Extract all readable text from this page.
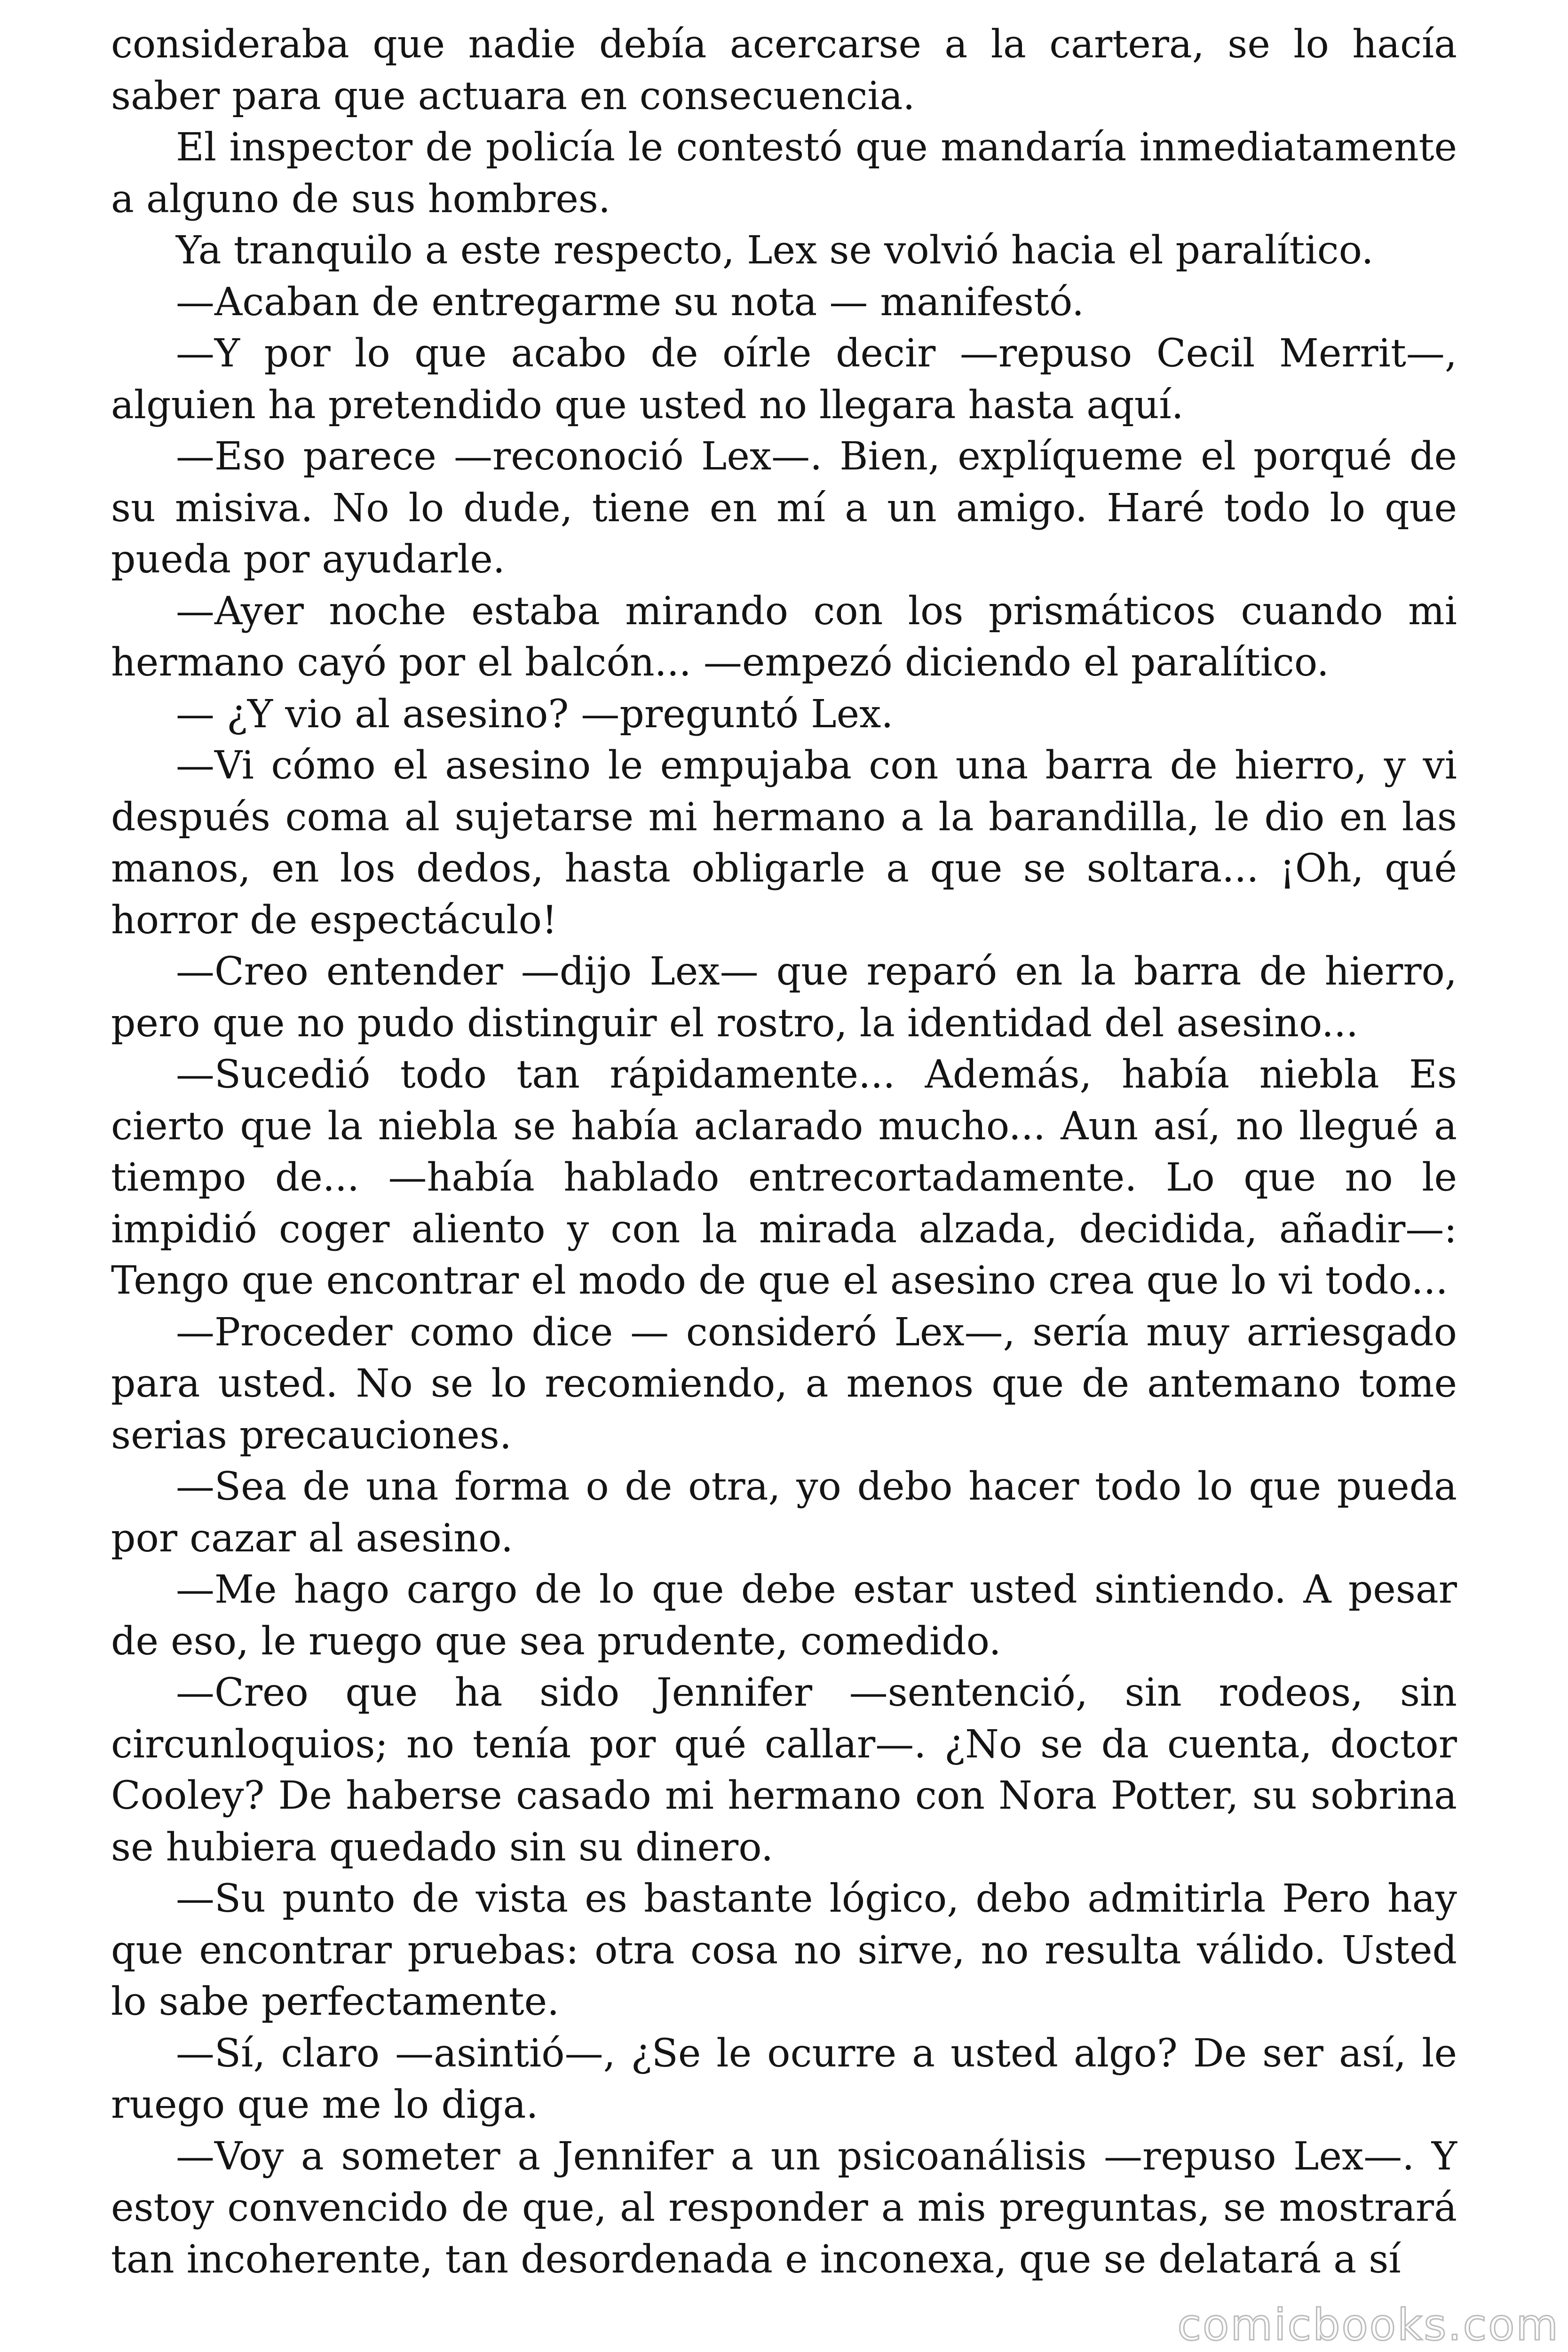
consideraba que nadie debía acercarse a la cartera, se lo hacía saber para que actuara en consecuencia.

El inspector de policía le contestó que mandaría inmediatamente a alguno de sus hombres.

Ya tranquilo a este respecto, Lex se volvió hacia el paralítico.

—Acaban de entregarme su nota — manifestó.

—Y por lo que acabo de oírle decir —repuso Cecil Merrit—, alguien ha pretendido que usted no llegara hasta aquí.

—Eso parece —reconoció Lex—. Bien, explíqueme el porqué de su misiva. No lo dude, tiene en mí a un amigo. Haré todo lo que pueda por ayudarle.

—Ayer noche estaba mirando con los prismáticos cuando mi hermano cayó por el balcón... —empezó diciendo el paralítico.

— ¿Y vio al asesino? —preguntó Lex.

—Vi cómo el asesino le empujaba con una barra de hierro, y vi después coma al sujetarse mi hermano a la barandilla, le dio en las manos, en los dedos, hasta obligarle a que se soltara... ¡Oh, qué horror de espectáculo!

—Creo entender —dijo Lex— que reparó en la barra de hierro, pero que no pudo distinguir el rostro, la identidad del asesino...

—Sucedió todo tan rápidamente... Además, había niebla Es cierto que la niebla se había aclarado mucho... Aun así, no llegué a tiempo de... —había hablado entrecortadamente. Lo que no le impidió coger aliento y con la mirada alzada, decidida, añadir—: Tengo que encontrar el modo de que el asesino crea que lo vi todo...

—Proceder como dice — consideró Lex—, sería muy arriesgado para usted. No se lo recomiendo, a menos que de antemano tome serias precauciones.

—Sea de una forma o de otra, yo debo hacer todo lo que pueda por cazar al asesino.

—Me hago cargo de lo que debe estar usted sintiendo. A pesar de eso, le ruego que sea prudente, comedido.

—Creo que ha sido Jennifer —sentenció, sin rodeos, sin circunloquios; no tenía por qué callar—. ¿No se da cuenta, doctor Cooley? De haberse casado mi hermano con Nora Potter, su sobrina se hubiera quedado sin su dinero.

—Su punto de vista es bastante lógico, debo admitirla Pero hay que encontrar pruebas: otra cosa no sirve, no resulta válido. Usted lo sabe perfectamente.

—Sí, claro —asintió—, ¿Se le ocurre a usted algo? De ser así, le ruego que me lo diga.

—Voy a someter a Jennifer a un psicoanálisis —repuso Lex—. Y estoy convencido de que, al responder a mis preguntas, se mostrará tan incoherente, tan desordenada e inconexa, que se delatará a sí

comicbooks.com
